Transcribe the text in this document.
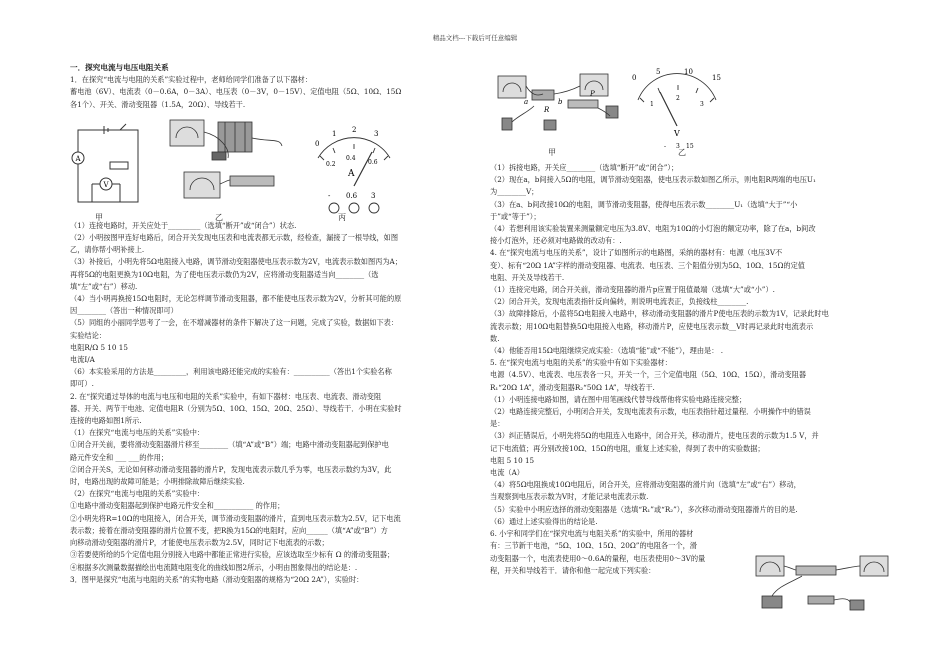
精品文档---下载后可任意编辑

一．探究电流与电压电阻关系

1．在探究“电流与电阻的关系”实验过程中，老师给同学们准备了以下器材：

蓄电池（6V）、电流表（0－0.6A，0－3A）、电压表（0－3V，0－15V）、定值电阻（5Ω、10Ω、15Ω

各1个）、开关、滑动变阻器（1.5A，20Ω）、导线若干.

（1）连接电路时，开关应处于_________（选填“断开”或“闭合”）状态.

（2）小明按图甲连好电路后，闭合开关发现电压表和电流表都无示数，经检查，漏接了一根导线，如图

乙，请你帮小明补接上.

（3）补接后，小明先将5Ω电阻接入电路，调节滑动变阻器使电压表示数为2V，电流表示数如图丙为A；

再将5Ω的电阻更换为10Ω电阻，为了使电压表示数仍为2V，应将滑动变阻器适当向________（选

填“左”或“右”）移动.

（4）当小明再换接15Ω电阻时，无论怎样调节滑动变阻器，都不能使电压表示数为2V，分析其可能的原

因________（答出一种情况即可）

（5）同组的小丽同学思考了一会，在不增减器材的条件下解决了这一问题，完成了实验，数据如下表：

实验结论：

电阻R/Ω 5 10 15

电流I/A

（6）本实验采用的方法是_________，利用该电路还能完成的实验有：__________（答出1个实验名称

即可）.

2. 在“探究通过导体的电流与电压和电阻的关系”实验中，有如下器材：电压表、电流表、滑动变阻

器、开关、两节干电池、定值电阻R（分别为5Ω、10Ω、15Ω、20Ω、25Ω）、导线若干．小明在实验时

连接的电路如图1所示.

（1）在探究“电流与电压的关系”实验中：

①闭合开关前，要将滑动变阻器滑片移至________（填“A”或“B”）端；电路中滑动变阻器起到保护电

路元件安全和 ___ ___的作用；

②闭合开关S，无论如何移动滑动变阻器的滑片P，发现电流表示数几乎为零，电压表示数约为3V，此

时，电路出现的故障可能是；小明排除故障后继续实验.

（2）在探究“电流与电阻的关系”实验中：

①电路中滑动变阻器起到保护电路元件安全和___________ 的作用；

②小明先将R=10Ω的电阻接入，闭合开关，调节滑动变阻器的滑片，直到电压表示数为2.5V，记下电流

表示数；接着在滑动变阻器的滑片位置不变，把R换为15Ω的电阻时，应向______（填“A”或“B”）方

向移动滑动变阻器的滑片P，才能使电压表示数为2.5V，同时记下电流表的示数；

③若要使所给的5个定值电阻分别接入电路中都能正常进行实验，应该选取至少标有 Ω 的滑动变阻器；

④根据多次测量数据描绘出电流随电阻变化的曲线如图2所示，小明由图象得出的结论是：.

3．图甲是探究“电流与电阻的关系”的实物电路（滑动变阻器的规格为“20Ω 2A”），实验时：

（1）拆接电路，开关应________（选填“断开”或“闭合”）；

（2）现在a，b间接入5Ω的电阻，调节滑动变阻器，使电压表示数如图乙所示，则电阻R两端的电压U₁

为________V；

（3）在a、b间改接10Ω的电阻，调节滑动变阻器，使得电压表示数________U₁（选填“大于”“小

于”或“等于”）；

（4）若想利用该实验装置来测量额定电压为3.8V、电阻为10Ω的小灯泡的额定功率，除了在a，b间改

接小灯泡外，还必须对电路做的改动有：.

4. 在“探究电流与电压的关系”，设计了如图所示的电路图，采纳的器材有：电源（电压3V不

变）、标有“20Ω 1A”字样的滑动变阻器、电流表、电压表、三个阻值分别为5Ω、10Ω、15Ω的定值

电阻、开关及导线若干.

（1）连接完电路，闭合开关前，滑动变阻器的滑片p应置于阻值最端（选填“大”或“小”）.

（2）闭合开关，发现电流表指针反向偏转，则说明电流表正，负接线柱________.

（3）故障排除后，小蓝将5Ω电阻接入电路中，移动滑动变阻器的滑片P使电压表的示数为1V，记录此时电

流表示数；用10Ω电阻替换5Ω电阻接入电路，移动滑片P，应使电压表示数__V时再记录此时电流表示

数.

（4）他能否用15Ω电阻继续完成实验：（选填“能”或“不能”），理由是： .

5. 在“探究电流与电阻的关系”的实验中有如下实验器材：

电源（4.5V）、电流表、电压表各一只，开关一个，三个定值电阻（5Ω、10Ω、15Ω），滑动变阻器

R₁“20Ω 1A”，滑动变阻器R₂“50Ω 1A”，导线若干.

（1）小明连接电路如图，请在图中用笔画线代替导线帮他将实验电路连接完整；

（2）电路连接完整后，小明闭合开关，发现电流表有示数，电压表指针超过量程．小明操作中的错误

是：

（3）纠正错误后，小明先将5Ω的电阻连入电路中，闭合开关，移动滑片，使电压表的示数为1.5 V，并

记下电流值；再分别改接10Ω、15Ω的电阻，重复上述实验，得到了表中的实验数据；

电阻 5 10 15

电流（A）

（4）将5Ω电阻换成10Ω电阻后，闭合开关，应将滑动变阻器的滑片向（选填“左”或“右”）移动，

当观察到电压表示数为V时，才能记录电流表示数.

（5）实验中小明应选择的滑动变阻器是（选填“R₁”或“R₂”），多次移动滑动变阻器滑片的目的是.

（6）通过上述实验得出的结论是.

6. 小宇和同学们在“探究电流与电阻关系”的实验中，所用的器材

有：三节新干电池，“5Ω、10Ω、15Ω、20Ω”的电阻各一个，滑

动变阻器一个，电流表使用0～0.6A的量程，电压表使用0～3V的量

程，开关和导线若干．请你和他一起完成下列实验：

A
V
0
1 2	3
0.2
0.4
0.6
A
- 0.6 3
甲	乙	丙
a	b
R
P
0
5	10
15
1
2
3
V
- 3 15
甲	乙
